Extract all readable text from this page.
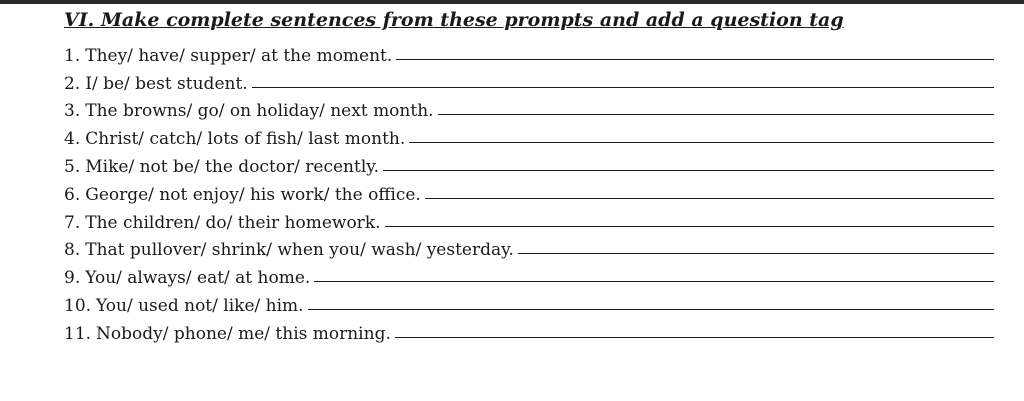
VI. Make complete sentences from these prompts and add a question tag
1. They/ have/ supper/ at the moment.
2. I/ be/ best student.
3. The browns/ go/ on holiday/ next month.
4. Christ/ catch/ lots of fish/ last month.
5. Mike/ not be/ the doctor/ recently.
6. George/ not enjoy/ his work/ the office.
7. The children/ do/ their homework.
8. That pullover/ shrink/ when you/ wash/ yesterday.
9. You/ always/ eat/ at home.
10. You/ used not/ like/ him.
11. Nobody/ phone/ me/ this morning.
